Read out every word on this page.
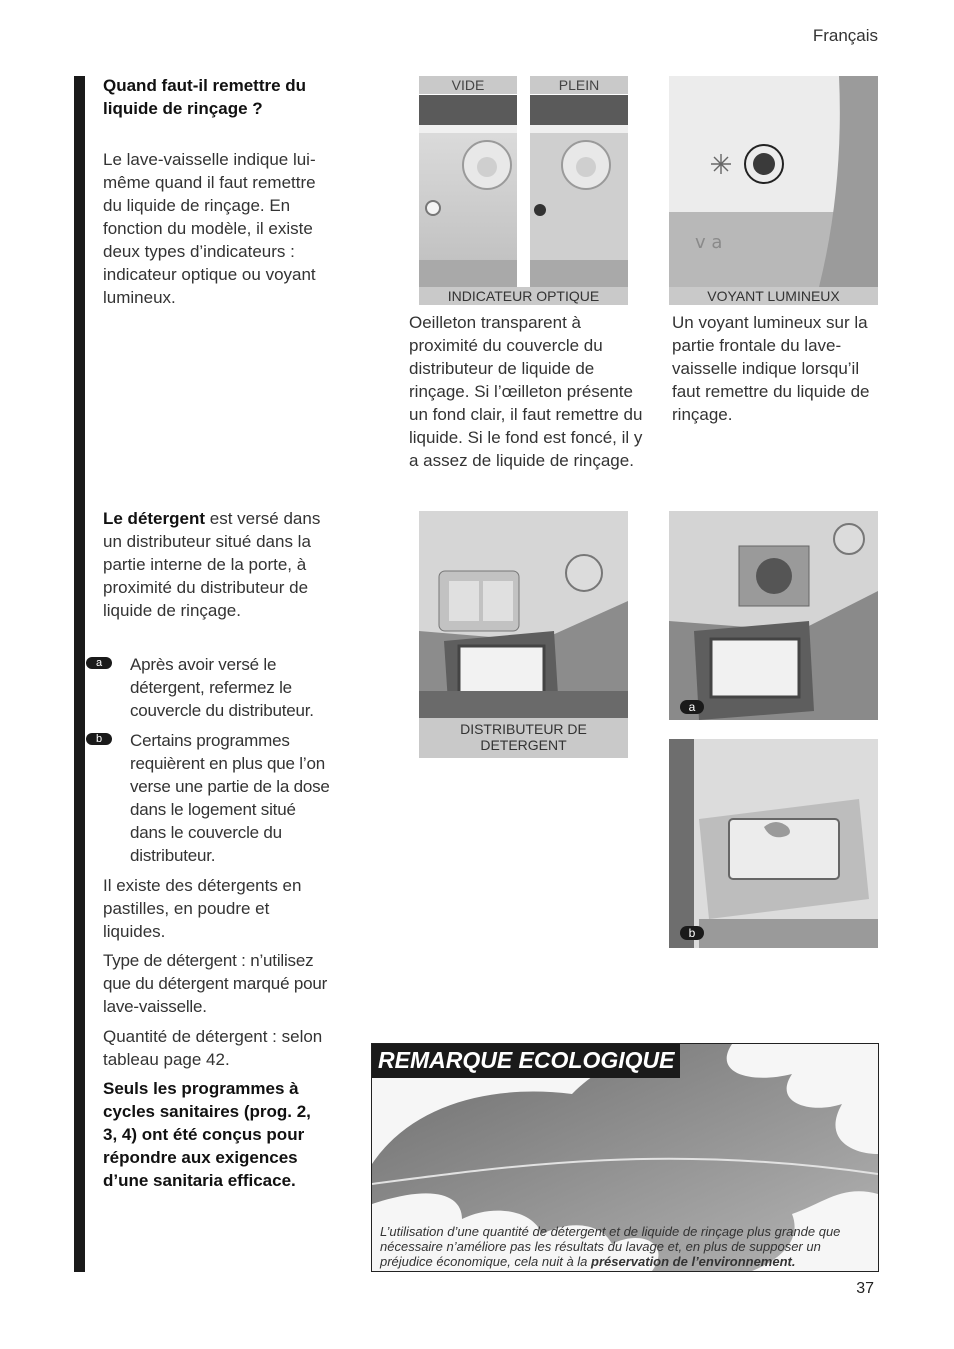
Français
Quand faut-il remettre du liquide de rinçage ?
Le lave-vaisselle indique lui-même quand il faut remettre du liquide de rinçage. En fonction du modèle, il existe deux types d’indicateurs : indicateur optique ou voyant lumineux.
Le détergent est versé dans un distributeur situé dans la partie interne de la porte, à proximité du distributeur de liquide de rinçage.
a	Après avoir versé le détergent, refermez le couvercle du distributeur.
b	Certains programmes requièrent en plus que l’on verse une partie de la dose dans le logement situé dans le couvercle du distributeur.
Il existe des détergents en pastilles, en poudre et liquides.
Type de détergent : n’utilisez que du détergent marqué pour lave-vaisselle.
Quantité de détergent : selon tableau page 42.
Seuls les programmes à cycles sanitaires (prog. 2, 3, 4) ont été conçus pour répondre aux exigences d’une sanitaria efficace.
VIDE	PLEIN
INDICATEUR OPTIQUE
Oeilleton transparent à proximité du couvercle du distributeur de liquide de rinçage. Si l’œilleton présente un fond clair, il faut remettre du liquide. Si le fond est foncé, il y a assez de liquide de rinçage.
v a
VOYANT LUMINEUX
Un voyant lumineux sur la partie frontale du lave-vaisselle indique lorsqu’il faut remettre du liquide de rinçage.
DISTRIBUTEUR DE DETERGENT
a
b
REMARQUE ECOLOGIQUE
L’utilisation d’une quantité de détergent et de liquide de rinçage plus grande que nécessaire n’améliore pas les résultats du lavage et, en plus de supposer un préjudice économique, cela nuit à la préservation de l’environnement.
37
